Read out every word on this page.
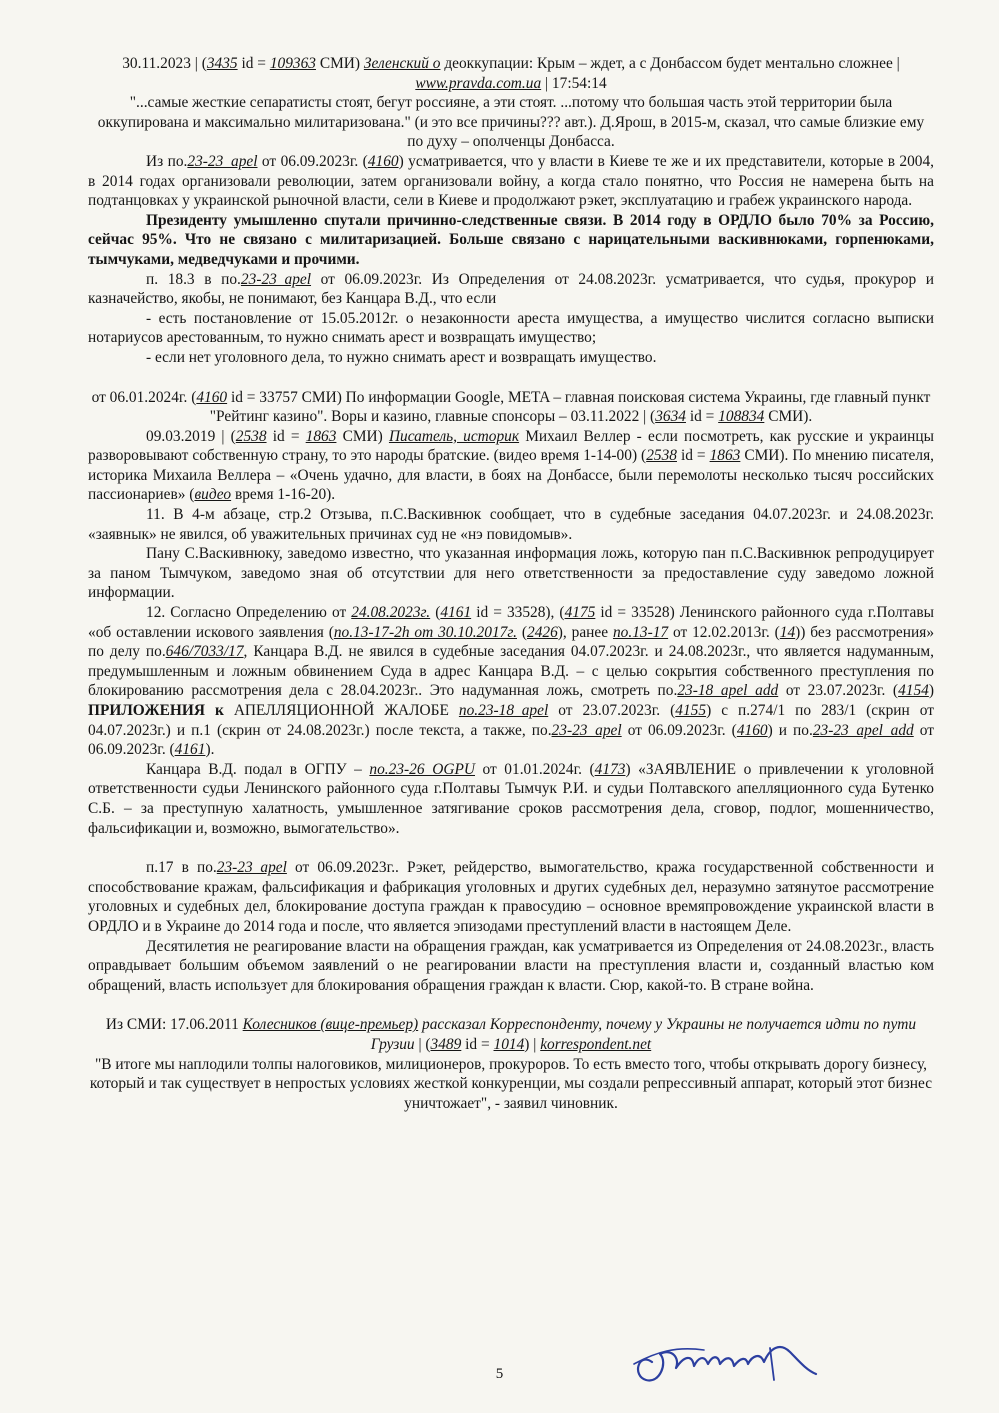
30.11.2023 | (3435 id = 109363 СМИ) Зеленский о деоккупации: Крым – ждет, а с Донбассом будет ментально сложнее | www.pravda.com.ua | 17:54:14

"...самые жесткие сепаратисты стоят, бегут россияне, а эти стоят. ...потому что большая часть этой территории была оккупирована и максимально милитаризована." (и это все причины??? авт.). Д.Ярош, в 2015-м, сказал, что самые близкие ему по духу – ополченцы Донбасса.

Из по.23-23_apel от 06.09.2023г. (4160) усматривается, что у власти в Киеве те же и их представители, которые в 2004, в 2014 годах организовали революции, затем организовали войну, а когда стало понятно, что Россия не намерена быть на подтанцовках у украинской рыночной власти, сели в Киеве и продолжают рэкет, эксплуатацию и грабеж украинского народа.

Президенту умышленно спутали причинно-следственные связи. В 2014 году в ОРДЛО было 70% за Россию, сейчас 95%. Что не связано с милитаризацией. Больше связано с нарицательными васкивнюками, горпенюками, тымчуками, медведчуками и прочими.

п. 18.3 в по.23-23_apel от 06.09.2023г. Из Определения от 24.08.2023г. усматривается, что судья, прокурор и казначейство, якобы, не понимают, без Канцара В.Д., что если

- есть постановление от 15.05.2012г. о незаконности ареста имущества, а имущество числится согласно выписки нотариусов арестованным, то нужно снимать арест и возвращать имущество;

- если нет уголовного дела, то нужно снимать арест и возвращать имущество.

от 06.01.2024г. (4160 id = 33757 СМИ) По информации Google, META – главная поисковая система Украины, где главный пункт "Рейтинг казино". Воры и казино, главные спонсоры – 03.11.2022 | (3634 id = 108834 СМИ).

09.03.2019 | (2538 id = 1863 СМИ) Писатель, историк Михаил Веллер - если посмотреть, как русские и украинцы разворовывают собственную страну, то это народы братские. (видео время 1-14-00) (2538 id = 1863 СМИ). По мнению писателя, историка Михаила Веллера – «Очень удачно, для власти, в боях на Донбассе, были перемолоты несколько тысяч российских пассионариев» (видео время 1-16-20).

11. В 4-м абзаце, стр.2 Отзыва, п.С.Васкивнюк сообщает, что в судебные заседания 04.07.2023г. и 24.08.2023г. «заявнык» не явился, об уважительных причинах суд не «нэ повидомыв».

Пану С.Васкивнюку, заведомо известно, что указанная информация ложь, которую пан п.С.Васкивнюк репродуцирует за паном Тымчуком, заведомо зная об отсутствии для него ответственности за предоставление суду заведомо ложной информации.

12. Согласно Определению от 24.08.2023г. (4161 id = 33528), (4175 id = 33528) Ленинского районного суда г.Полтавы «об оставлении искового заявления (по.13-17-2h от 30.10.2017г. (2426), ранее по.13-17 от 12.02.2013г. (14)) без рассмотрения» по делу по.646/7033/17, Канцара В.Д. не явился в судебные заседания 04.07.2023г. и 24.08.2023г., что является надуманным, предумышленным и ложным обвинением Суда в адрес Канцара В.Д. – с целью сокрытия собственного преступления по блокированию рассмотрения дела с 28.04.2023г.. Это надуманная ложь, смотреть по.23-18_apel_add от 23.07.2023г. (4154) ПРИЛОЖЕНИЯ к АПЕЛЛЯЦИОННОЙ ЖАЛОБЕ по.23-18_apel от 23.07.2023г. (4155) с п.274/1 по 283/1 (скрин от 04.07.2023г.) и п.1 (скрин от 24.08.2023г.) после текста, а также, по.23-23_apel от 06.09.2023г. (4160) и по.23-23_apel_add от 06.09.2023г. (4161).

Канцара В.Д. подал в ОГПУ – по.23-26_OGPU от 01.01.2024г. (4173) «ЗАЯВЛЕНИЕ о привлечении к уголовной ответственности судьи Ленинского районного суда г.Полтавы Тымчук Р.И. и судьи Полтавского апелляционного суда Бутенко С.Б. – за преступную халатность, умышленное затягивание сроков рассмотрения дела, сговор, подлог, мошенничество, фальсификации и, возможно, вымогательство».

п.17 в по.23-23_apel от 06.09.2023г.. Рэкет, рейдерство, вымогательство, кража государственной собственности и способствование кражам, фальсификация и фабрикация уголовных и других судебных дел, неразумно затянутое рассмотрение уголовных и судебных дел, блокирование доступа граждан к правосудию – основное времяпровождение украинской власти в ОРДЛО и в Украине до 2014 года и после, что является эпизодами преступлений власти в настоящем Деле.

Десятилетия не реагирование власти на обращения граждан, как усматривается из Определения от 24.08.2023г., власть оправдывает большим объемом заявлений о не реагировании власти на преступления власти и, созданный властью ком обращений, власть использует для блокирования обращения граждан к власти. Сюр, какой-то. В стране война.

Из СМИ: 17.06.2011 Колесников (вице-премьер) рассказал Корреспонденту, почему у Украины не получается идти по пути Грузии | (3489 id = 1014) | korrespondent.net

"В итоге мы наплодили толпы налоговиков, милиционеров, прокуроров. То есть вместо того, чтобы открывать дорогу бизнесу, который и так существует в непростых условиях жесткой конкуренции, мы создали репрессивный аппарат, который этот бизнес уничтожает", - заявил чиновник.

5
